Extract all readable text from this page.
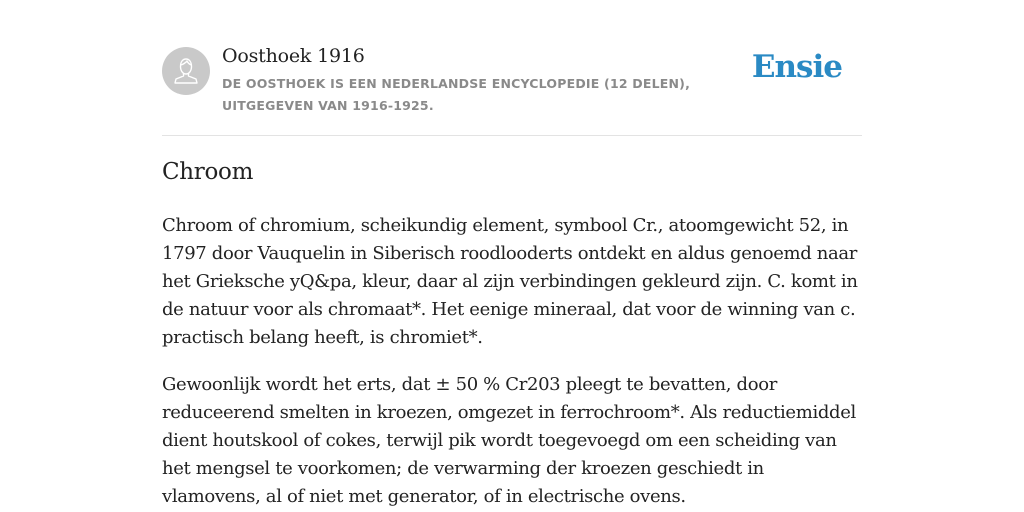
Oosthoek 1916
DE OOSTHOEK IS EEN NEDERLANDSE ENCYCLOPEDIE (12 DELEN), UITGEGEVEN VAN 1916-1925.
Ensie
Chroom

Chroom of chromium, scheikundig element, symbool Cr., atoomgewicht 52, in 1797 door Vauquelin in Siberisch roodlooderts ontdekt en aldus genoemd naar het Grieksche yQ&pa, kleur, daar al zijn verbindingen gekleurd zijn. C. komt in de natuur voor als chromaat*. Het eenige mineraal, dat voor de winning van c. practisch belang heeft, is chromiet*.

Gewoonlijk wordt het erts, dat ± 50 % Cr203 pleegt te bevatten, door reduceerend smelten in kroezen, omgezet in ferrochroom*. Als reductiemiddel dient houtskool of cokes, terwijl pik wordt toegevoegd om een scheiding van het mengsel te voorkomen; de verwarming der kroezen geschiedt in vlamovens, al of niet met generator, of in electrische ovens.
